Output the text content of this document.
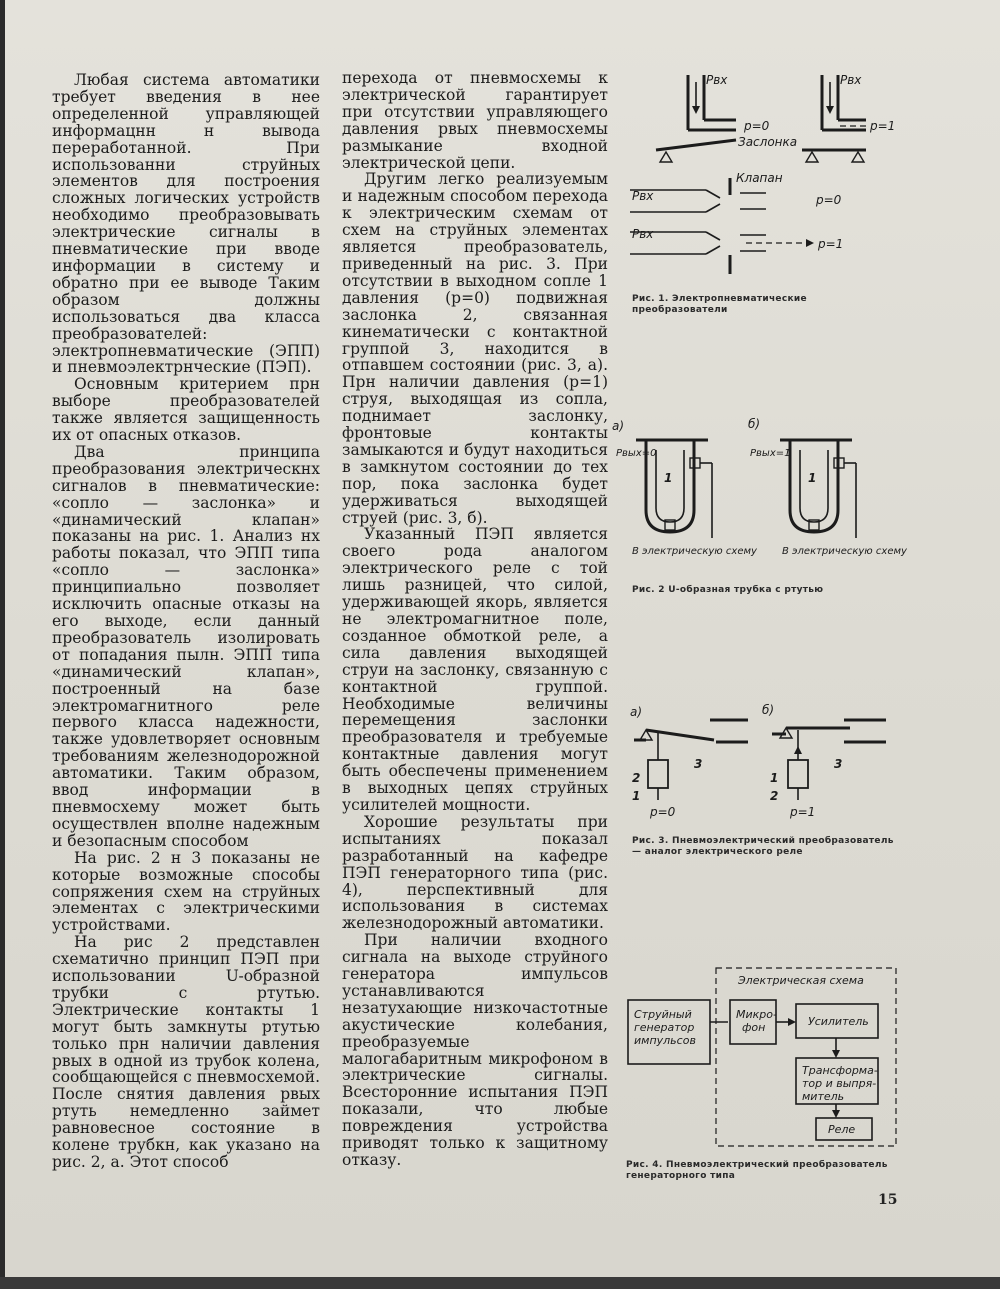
Любая система автоматики требует введения в нее определенной управляющей информацнн н вывода переработанной. При использованни струйных элементов для построения сложных логических устройств необходимо преобразовывать электрические сигналы в пневматические при вводе информации в систему и обратно при ее выводе Таким образом должны использоваться два класса преобразователей: электропневматические (ЭПП) и пневмоэлектрнческие (ПЭП).

Основным критерием прн выборе преобразователей также является защищенность их от опасных отказов.

Два принципа преобразования электрическнх сигналов в пневматические: «сопло — заслонка» и «динамический клапан» показаны на рис. 1. Анализ нх работы показал, что ЭПП типа «сопло — заслонка» принципиально позволяет исключить опасные отказы на его выходе, если данный преобразователь изолировать от попадания пылн. ЭПП типа «динамический клапан», построенный на базе электромагнитного реле первого класса надежности, также удовлетворяет основным требованиям железнодорожной автоматики. Таким образом, ввод информации в пневмосхему может быть осуществлен вполне надежным и безопасным способом

На рис. 2 н 3 показаны не которые возможные способы сопряжения схем на струйных элементах с электрическими устройствами.

На рис 2 представлен схематично принцип ПЭП при использовании U-образной трубки с ртутью. Электрические контакты 1 могут быть замкнуты ртутью только прн наличии давления рвых в одной из трубок колена, сообщающейся с пневмосхемой. После снятия давления рвых ртуть немедленно займет равновесное состояние в колене трубкн, как указано на рис. 2, а. Этот способ

перехода от пневмосхемы к электрической гарантирует при отсутствии управляющего давления рвых пневмосхемы размыкание входной электрической цепи.

Другим легко реализуемым и надежным способом перехода к электрическим схемам от схем на струйных элементах является преобразователь, приведенный на рис. 3. При отсутствии в выходном сопле 1 давления (р=0) подвижная заслонка 2, связанная кинематически с контактной группой 3, находится в отпавшем состоянии (рис. 3, а). Прн наличии давления (р=1) струя, выходящая из сопла, поднимает заслонку, фронтовые контакты замыкаются и будут находиться в замкнутом состоянии до тех пор, пока заслонка будет удерживаться выходящей струей (рис. 3, б).

Указанный ПЭП является своего рода аналогом электрического реле с той лишь разницей, что силой, удерживающей якорь, является не электромагнитное поле, созданное обмоткой реле, а сила давления выходящей струи на заслонку, связанную с контактной группой. Необходимые величины перемещения заслонки преобразователя и требуемые контактные давления могут быть обеспечены применением в выходных цепях струйных усилителей мощности.

Хорошие результаты при испытаниях показал разработанный на кафедре ПЭП генераторного типа (рис. 4), перспективный для использования в системах железнодорожный автоматики.

При наличии входного сигнала на выходе струйного генератора импульсов устанавливаются незатухающие низкочастотные акустические колебания, преобразуемые малогабаритным микрофоном в электрические сигналы. Всесторонние испытания ПЭП показали, что любые повреждения устройства приводят только к защитному отказу.

Рвх
р=0
Заслонка
Рвх
р=1
Клапан
Рвх	р=0
Рвх
р=1
Рис. 1. Электропневматические преобразователи
а)	б)
Рвых=0
1
В электрическую схему
Рвых=1
1
В электрическую схему
Рис. 2 U-образная трубка с ртутью
а)	б)
2
1
3
р=0
1
2
3
р=1
Рис. 3. Пневмоэлектрический преобразователь — аналог электрического реле
Электрическая схема
Струйный генератор импульсов
Микро- фон	Усилитель
Трансформа- тор и выпря- митель
Реле
Рис. 4. Пневмоэлектрический преобразователь генераторного типа
15
